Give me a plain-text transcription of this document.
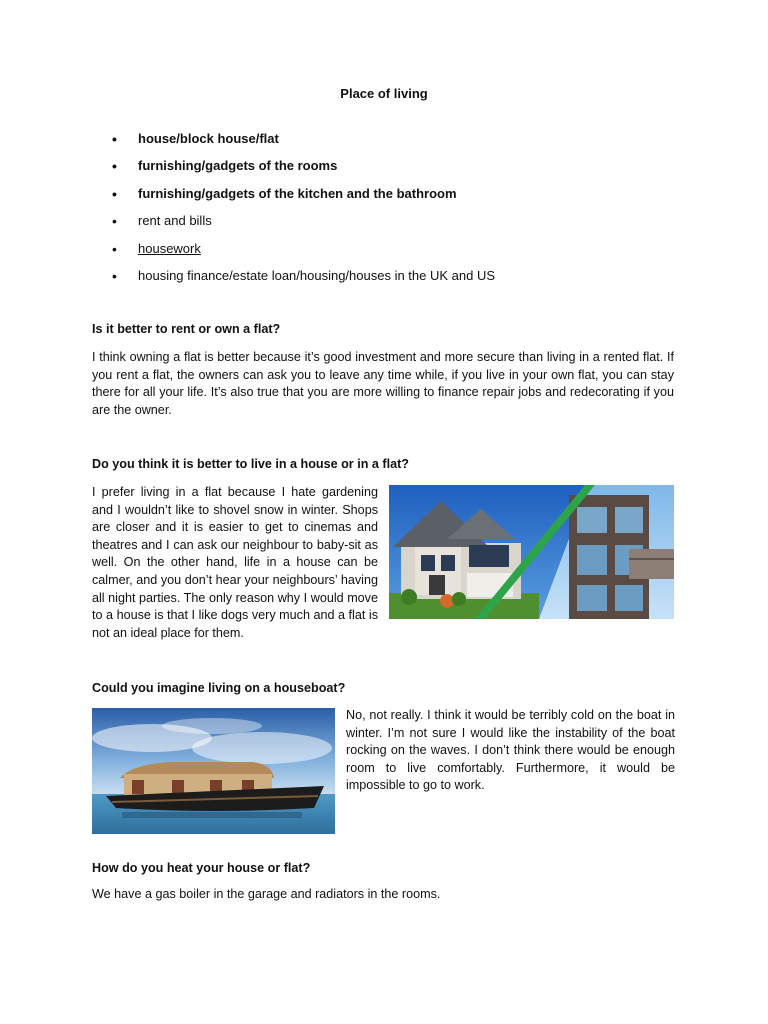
Place of living
• house/block house/flat
• furnishing/gadgets of the rooms
• furnishing/gadgets of the kitchen and the bathroom
• rent and bills
• housework
• housing finance/estate loan/housing/houses in the UK and US
Is it better to rent or own a flat?

I think owning a flat is better because it’s good investment and more secure than living in a rented flat. If you rent a flat, the owners can ask you to leave any time while, if you live in your own flat, you can stay there for all your life. It’s also true that you are more willing to finance repair jobs and redecorating if you are the owner.

Do you think it is better to live in a house or in a flat?

I prefer living in a flat because I hate gardening and I wouldn’t like to shovel snow in winter. Shops are closer and it is easier to get to cinemas and theatres and I can ask our neighbour to baby-sit as well. On the other hand, life in a house can be calmer, and you don’t hear your neighbours’ having all night parties. The only reason why I would move to a house is that I like dogs very much and a flat is not an ideal place for them.

Could you imagine living on a houseboat?

No, not really. I think it would be terribly cold on the boat in winter. I’m not sure I would like the instability of the boat rocking on the waves. I don’t think there would be enough room to live comfortably. Furthermore, it would be impossible to go to work.

How do you heat your house or flat?

We have a gas boiler in the garage and radiators in the rooms.
